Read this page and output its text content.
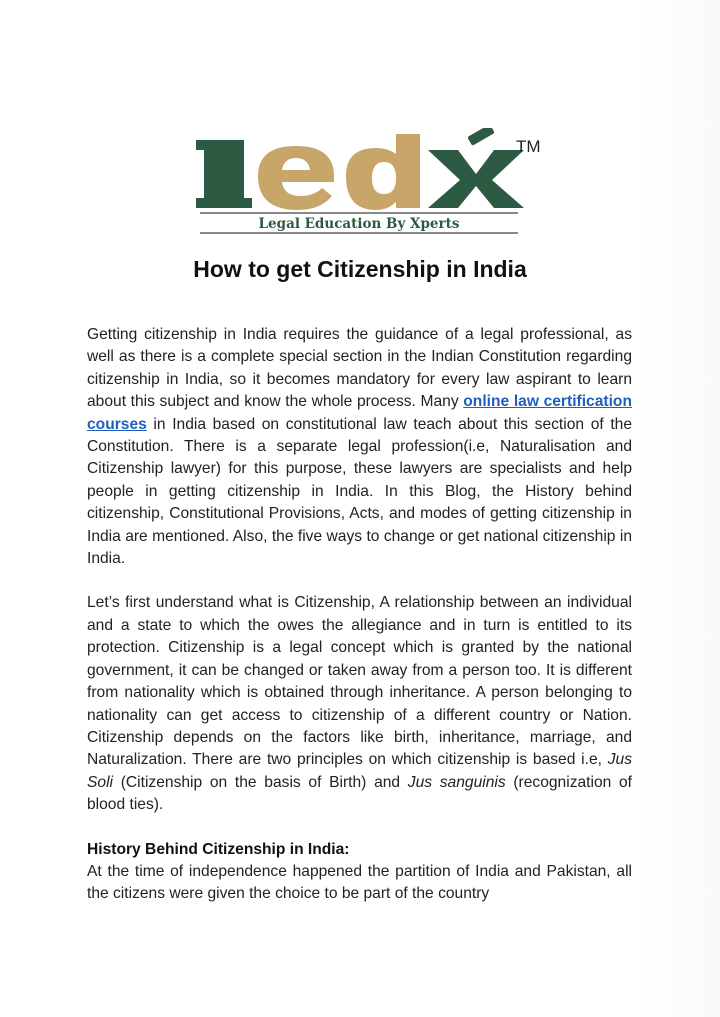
Legal Education By Xperts
TM
How to get Citizenship in India

Getting citizenship in India requires the guidance of a legal professional, as well as there is a complete special section in the Indian Constitution regarding citizenship in India, so it becomes mandatory for every law aspirant to learn about this subject and know the whole process. Many online law certification courses in India based on constitutional law teach about this section of the Constitution. There is a separate legal profession(i.e, Naturalisation and Citizenship lawyer) for this purpose, these lawyers are specialists and help people in getting citizenship in India. In this Blog, the History behind citizenship, Constitutional Provisions, Acts, and modes of getting citizenship in India are mentioned. Also, the five ways to change or get national citizenship in India.

Let’s first understand what is Citizenship, A relationship between an individual and a state to which the owes the allegiance and in turn is entitled to its protection. Citizenship is a legal concept which is granted by the national government, it can be changed or taken away from a person too. It is different from nationality which is obtained through inheritance. A person belonging to nationality can get access to citizenship of a different country or Nation. Citizenship depends on the factors like birth, inheritance, marriage, and Naturalization. There are two principles on which citizenship is based i.e, Jus Soli (Citizenship on the basis of Birth) and Jus sanguinis (recognization of blood ties).

History Behind Citizenship in India:

At the time of independence happened the partition of India and Pakistan, all the citizens were given the choice to be part of the country
